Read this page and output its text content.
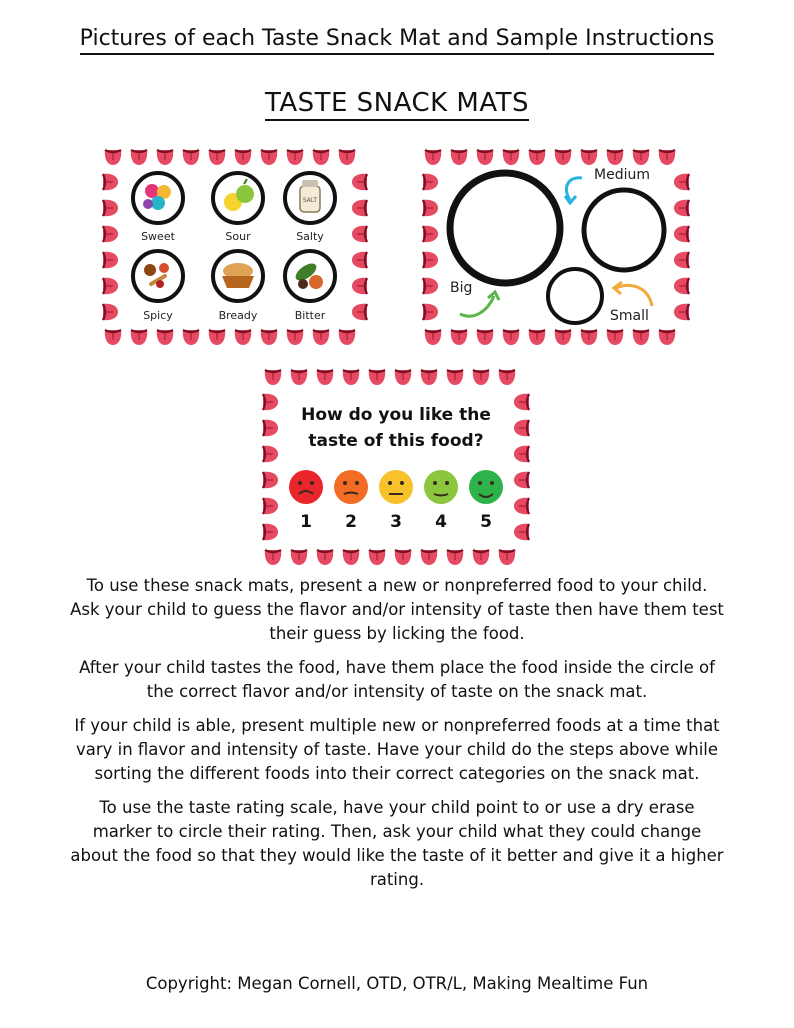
Pictures of each Taste Snack Mat and Sample Instructions
TASTE SNACK MATS
SALT
Sweet	Sour	Salty
Spicy	Bready	Bitter
Medium
Big
Small
How do you like the
taste of this food?
1 2 3 4 5

To use these snack mats, present a new or nonpreferred food to your child. Ask your child to guess the flavor and/or intensity of taste then have them test their guess by licking the food.

After your child tastes the food, have them place the food inside the circle of the correct flavor and/or intensity of taste on the snack mat.

If your child is able, present multiple new or nonpreferred foods at a time that vary in flavor and intensity of taste. Have your child do the steps above while sorting the different foods into their correct categories on the snack mat.

To use the taste rating scale, have your child point to or use a dry erase marker to circle their rating. Then, ask your child what they could change about the food so that they would like the taste of it better and give it a higher rating.

Copyright: Megan Cornell, OTD, OTR/L, Making Mealtime Fun
